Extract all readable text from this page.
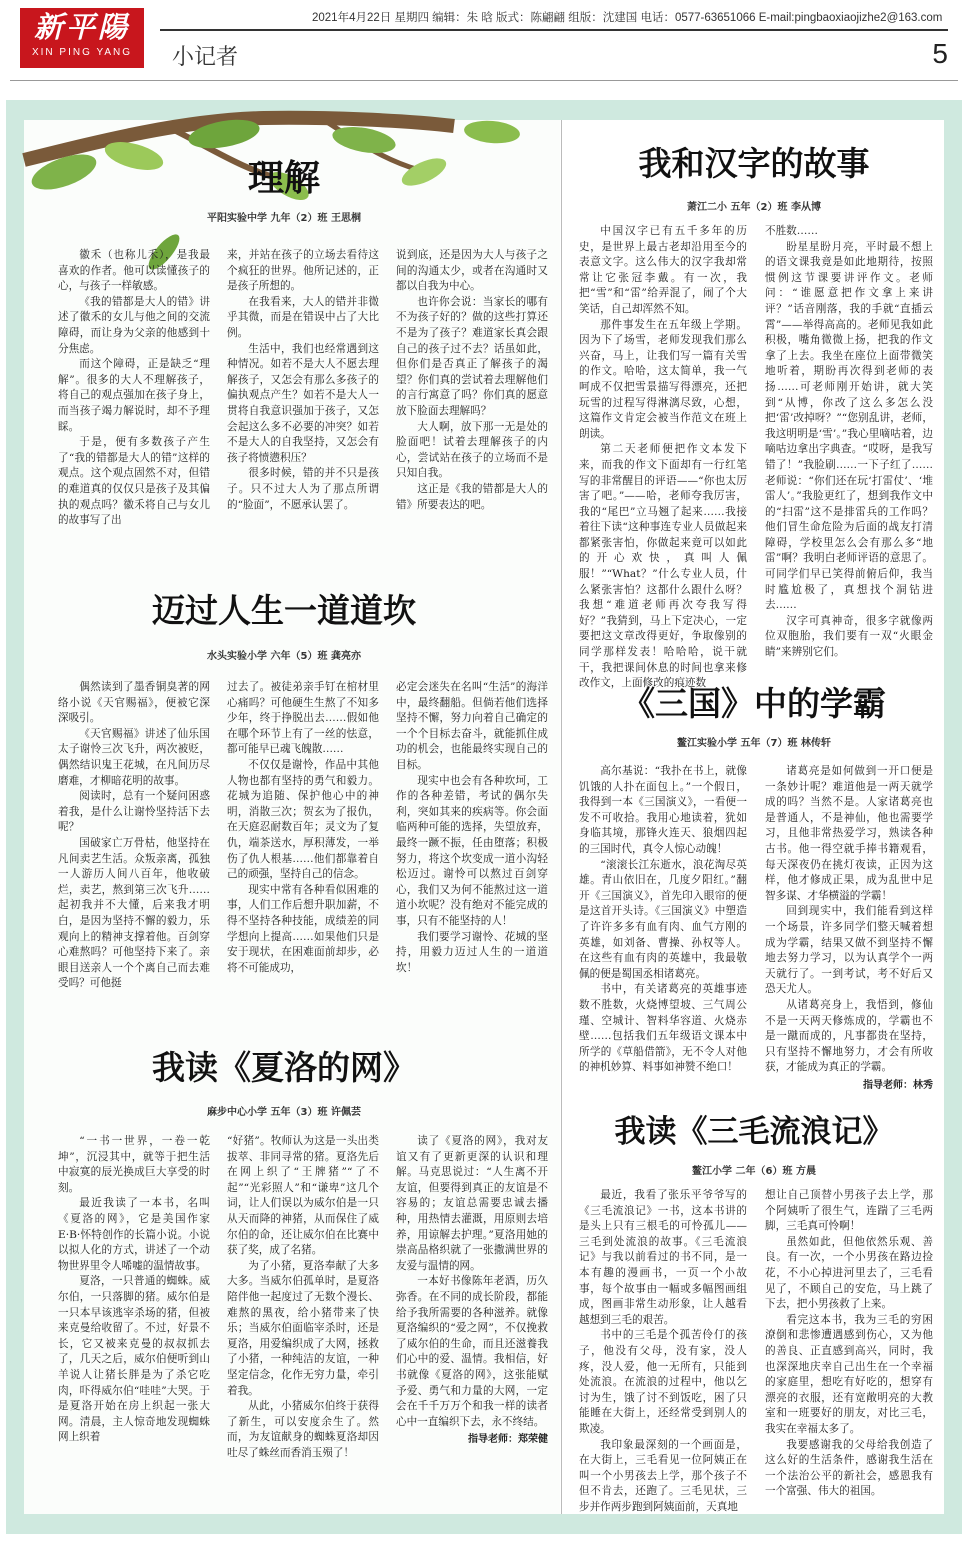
新平陽
XIN PING YANG
2021年4月22日 星期四 编辑：朱 晗 版式：陈翩翩 组版：沈建国 电话：0577-63651066 E-mail:pingbaoxiaojizhe2@163.com
小记者	5
理解
平阳实验中学 九年（2）班 王思桐

徽禾（也称儿禾），是我最喜欢的作者。他可以读懂孩子的心，与孩子一样敏感。

《我的错都是大人的错》讲述了徽禾的女儿与他之间的交流障碍，而让身为父亲的他感到十分焦虑。

而这个障碍，正是缺乏“理解”。很多的大人不理解孩子，将自己的观点强加在孩子身上，而当孩子竭力解说时，却不予理睬。

于是，便有多数孩子产生了“我的错都是大人的错”这样的观点。这个观点固然不对，但错的难道真的仅仅只是孩子及其偏执的观点吗？徽禾将自己与女儿的故事写了出

来，并站在孩子的立场去看待这个疯狂的世界。他所记述的，正是孩子所想的。

在我看来，大人的错并非微乎其微，而是在错误中占了大比例。

生活中，我们也经常遇到这种情况。如若不是大人不愿去理解孩子，又怎会有那么多孩子的偏执观点产生？如若不是大人一贯将自我意识强加于孩子，又怎会起这么多不必要的冲突？如若不是大人的自我坚持，又怎会有孩子将愤懑积压？

很多时候，错的并不只是孩子。只不过大人为了那点所谓的“脸面”，不愿承认罢了。

说到底，还是因为大人与孩子之间的沟通太少，或者在沟通时又都以自我为中心。

也许你会说：当家长的哪有不为孩子好的？做的这些打算还不是为了孩子？难道家长真会跟自己的孩子过不去？话虽如此，但你们是否真正了解孩子的渴望？你们真的尝试着去理解他们的言行寓意了吗？你们真的愿意放下脸面去理解吗？

大人啊，放下那一无是处的脸面吧！试着去理解孩子的内心，尝试站在孩子的立场而不是只知自我。

这正是《我的错都是大人的错》所要表达的吧。

迈过人生一道道坎
水头实验小学 六年（5）班 龚亮亦

偶然读到了墨香铜臭著的网络小说《天官赐福》，便被它深深吸引。

《天官赐福》讲述了仙乐国太子谢怜三次飞升，两次被贬，偶然结识鬼王花城，在凡间历尽磨难，才柳暗花明的故事。

阅读时，总有一个疑问困惑着我，是什么让谢怜坚持活下去呢？

国破家亡万骨枯，他坚持在凡间卖艺生活。众叛亲离，孤独一人游历人间八百年，他收破烂，卖艺，熬到第三次飞升……起初我并不大懂，后来我才明白，是因为坚持不懈的毅力，乐观向上的精神支撑着他。百剑穿心难熬吗？可他坚持下来了。亲眼目送亲人一个个离自己而去难受吗？可他挺

过去了。被徒弟亲手钉在棺材里心痛吗？可他硬生生熬了不知多少年，终于挣脱出去……假如他在哪个环节上有了一丝的怯意，都可能早已魂飞魄散……

不仅仅是谢怜，作品中其他人物也都有坚持的勇气和毅力。花城为追随、保护他心中的神明，消散三次；贺玄为了报仇，在天庭忍耐数百年；灵文为了复仇，端茶送水，厚积薄发，一举伤了仇人根基……他们都靠着自己的顽强，坚持自己的信念。

现实中常有各种看似困难的事，人们工作后想升职加薪，不得不坚持各种技能，成绩差的同学想向上提高……如果他们只是安于现状，在困难面前却步，必将不可能成功，

必定会迷失在名叫“生活”的海洋中，最终翻船。但倘若他们选择坚持不懈，努力向着自己确定的一个个目标去奋斗，就能抓住成功的机会，也能最终实现自己的目标。

现实中也会有各种坎坷，工作的各种差错，考试的偶尔失利，突如其来的疾病等。你会面临两种可能的选择，失望放弃，最终一蹶不振，任由堕落；积极努力，将这个坎变成一道小沟轻松迈过。谢怜可以熬过百剑穿心，我们又为何不能熬过这一道道小坎呢？没有绝对不能完成的事，只有不能坚持的人！

我们要学习谢怜、花城的坚持，用毅力迈过人生的一道道坎！

我读《夏洛的网》
麻步中心小学 五年（3）班 许佩芸

“一书一世界，一卷一乾坤”，沉浸其中，就等于把生活中寂寞的辰光换成巨大享受的时刻。

最近我读了一本书，名叫《夏洛的网》，它是美国作家E·B·怀特创作的长篇小说。小说以拟人化的方式，讲述了一个动物世界里令人唏嘘的温情故事。

夏洛，一只普通的蜘蛛。威尔伯，一只落脚的猪。威尔伯是一只本早该逃宰杀场的猪，但被来克曼给收留了。不过，好景不长，它又被来克曼的叔叔抓去了，几天之后，威尔伯便听到山羊说人让猪长胖是为了杀它吃肉，吓得威尔伯“哇哇”大哭。于是夏洛开始在房上织起一张大网。清晨，主人惊奇地发现蜘蛛网上织着

“好猪”。牧师认为这是一头出类拔萃、非同寻常的猪。夏洛先后在网上织了“王牌猪”“了不起”“光彩照人”和“谦卑”这几个词，让人们误以为威尔伯是一只从天而降的神猪，从而保住了威尔伯的命，还让威尔伯在比赛中获了奖，成了名猪。

为了小猪，夏洛奉献了大多大多。当威尔伯孤单时，是夏洛陪伴他一起度过了无数个漫长、难熬的黑夜，给小猪带来了快乐；当威尔伯面临宰杀时，还是夏洛，用爱编织成了大网，拯救了小猪，一种纯洁的友谊，一种坚定信念，化作无穷力量，牵引着我。

从此，小猪威尔伯终于获得了新生，可以安度余生了。然而，为友谊献身的蜘蛛夏洛却因吐尽了蛛丝而香消玉殒了！

读了《夏洛的网》，我对友谊又有了更新更深的认识和理解。马克思说过：“人生离不开友谊，但要得到真正的友谊是不容易的；友谊总需要忠诚去播种，用热情去灌溉，用原则去培养，用谅解去护理。”夏洛用她的崇高品格织就了一张撒满世界的友爱与温情的网。

一本好书像陈年老酒，历久弥香。在不同的成长阶段，都能给予我所需要的各种滋养。就像夏洛编织的“爱之网”，不仅挽救了威尔伯的生命，而且还滋養我们心中的爱、温情。我相信，好书就像《夏洛的网》，这张能赋予爱、勇气和力量的大网，一定会在千千万万个和我一样的读者心中一直编织下去，永不终结。

指导老师：郑荣健
我和汉字的故事
萧江二小 五年（2）班 李从博

中国汉字已有五千多年的历史，是世界上最古老却沿用至今的表意文字。这么伟大的汉字我却常常让它张冠李戴。有一次，我把“雪”和“雷”给弄混了，闹了个大笑话，自己却浑然不知。

那件事发生在五年级上学期。因为下了场雪，老师发现我们那么兴奋，马上，让我们写一篇有关雪的作文。哈哈，这太简单，我一气呵成不仅把雪景描写得漂亮，还把玩雪的过程写得淋漓尽致，心想，这篇作文肯定会被当作范文在班上朗读。

第二天老师便把作文本发下来，而我的作文下面却有一行红笔写的非常醒目的评语——“你也太厉害了吧。”——哈，老师夸我厉害，我的“尾巴”立马翘了起来……我接着往下读“这种事连专业人员做起来都紧张害怕，你做起来竟可以如此的开心欢快，真叫人佩服！”“What？”什么专业人员，什么紧张害怕？这都什么跟什么呀？我想“难道老师再次夸我写得好？”我猜到，马上下定决心，一定要把这文章改得更好，争取像别的同学那样发表！哈哈哈，说干就干，我把课间休息的时间也拿来修改作文，上面修改的痕迹数

不胜数……

盼星星盼月亮，平时最不想上的语文课我竟是如此地期待，按照惯例这节课要讲评作文。老师问：“谁愿意把作文拿上来讲评？”话音刚落，我的手就“直插云霄”——举得高高的。老师见我如此积极，嘴角微微上扬，把我的作文拿了上去。我坐在座位上面带微笑地听着，期盼再次得到老师的表扬……可老师刚开始讲，就大笑到“从博，你改了这么多怎么没把‘雷’改掉呀？”“您别乱讲，老师，我这明明是‘雪’。”我心里嘀咕着，边嘀咕边拿出字典查。“哎呀，是我写错了！”我脸刷……一下子红了……老师说：“你们还在玩‘打雷仗’、‘堆雷人’。”我脸更红了，想到我作文中的“扫雷”这不是排雷兵的工作吗？他们冒生命危险为后面的战友打清障碍，学校里怎么会有那么多“地雷”啊？我明白老师评语的意思了。可同学们早已笑得前俯后仰，我当时尴尬极了，真想找个洞钻进去……

汉字可真神奇，很多字就像两位双胞胎，我们要有一双“火眼金睛”来辨别它们。

《三国》中的学霸
鳌江实验小学 五年（7）班 林传轩

高尔基说：“我扑在书上，就像饥饿的人扑在面包上。”一个假日，我得到一本《三国演义》，一看便一发不可收拾。我用心地读着，犹如身临其境，那锋火连天、狼烟四起的三国时代，真令人惊心动魄！

“滚滚长江东逝水，浪花淘尽英雄。青山依旧在，几度夕阳红。”翻开《三国演义》，首先印入眼帘的便是这首开头诗。《三国演义》中塑造了许许多多有血有肉、血气方刚的英雄，如刘备、曹操、孙权等人。在这些有血有肉的英雄中，我最敬佩的便是蜀国丞相诸葛亮。

书中，有关诸葛亮的英雄事迹数不胜数，火烧博望坡、三气周公瑾、空城计、智料华容道、火烧赤壁……包括我们五年级语文课本中所学的《草船借箭》，无不令人对他的神机妙算、料事如神赞不绝口！

诸葛亮是如何做到一开口便是一条妙计呢？难道他是一两天就学成的吗？当然不是。人家诸葛亮也是普通人，不是神仙，他也需要学习，且他非常热爱学习，熟读各种古书。他一得空就手捧书籍观看，每天深夜仍在挑灯夜读，正因为这样，他才修成正果，成为乱世中足智多谋、才华横溢的学霸！

回到现实中，我们能看到这样一个场景，许多同学们整天喊着想成为学霸，结果又做不到坚持不懈地去努力学习，以为认真学个一两天就行了。一到考试，考不好后又恐天尤人。

从诸葛亮身上，我悟到，修仙不是一天两天修炼成的，学霸也不是一蹴而成的，凡事都贵在坚持，只有坚持不懈地努力，才会有所收获，才能成为真正的学霸。

指导老师：林秀
我读《三毛流浪记》
鳌江小学 二年（6）班 方晨

最近，我看了张乐平爷爷写的《三毛流浪记》一书，这本书讲的是头上只有三根毛的可怜孤儿——三毛到处流浪的故事。《三毛流浪记》与我以前看过的书不同，是一本有趣的漫画书，一页一个小故事，每个故事由一幅或多幅图画组成，图画非常生动形象，让人越看越想到三毛的艰苦。

书中的三毛是个孤苦伶仃的孩子，他没有父母，没有家，没人疼，没人爱，他一无所有，只能到处流浪。在流浪的过程中，他以乞讨为生，饿了讨不到饭吃，困了只能睡在大街上，还经常受到别人的欺凌。

我印象最深刻的一个画面是，在大街上，三毛看见一位阿姨正在叫一个小男孩去上学，那个孩子不但不肯去，还跑了。三毛见状，三步并作两步跑到阿姨面前，天真地

想让自己顶替小男孩子去上学，那个阿姨听了很生气，连踹了三毛两脚，三毛真可怜啊！

虽然如此，但他依然乐观、善良。有一次，一个小男孩在路边捡花，不小心掉进河里去了，三毛看见了，不顾自己的安危，马上跳了下去，把小男孩救了上来。

看完这本书，我为三毛的穷困潦倒和悲惨遭遇感到伤心，又为他的善良、正直感到高兴，同时，我也深深地庆幸自己出生在一个幸福的家庭里，想吃有好吃的，想穿有漂亮的衣服，还有宽敞明亮的大教室和一班要好的朋友，对比三毛，我实在幸福太多了。

我要感谢我的父母给我创造了这么好的生活条件，感谢我生活在一个法治公平的新社会，感恩我有一个富强、伟大的祖国。
